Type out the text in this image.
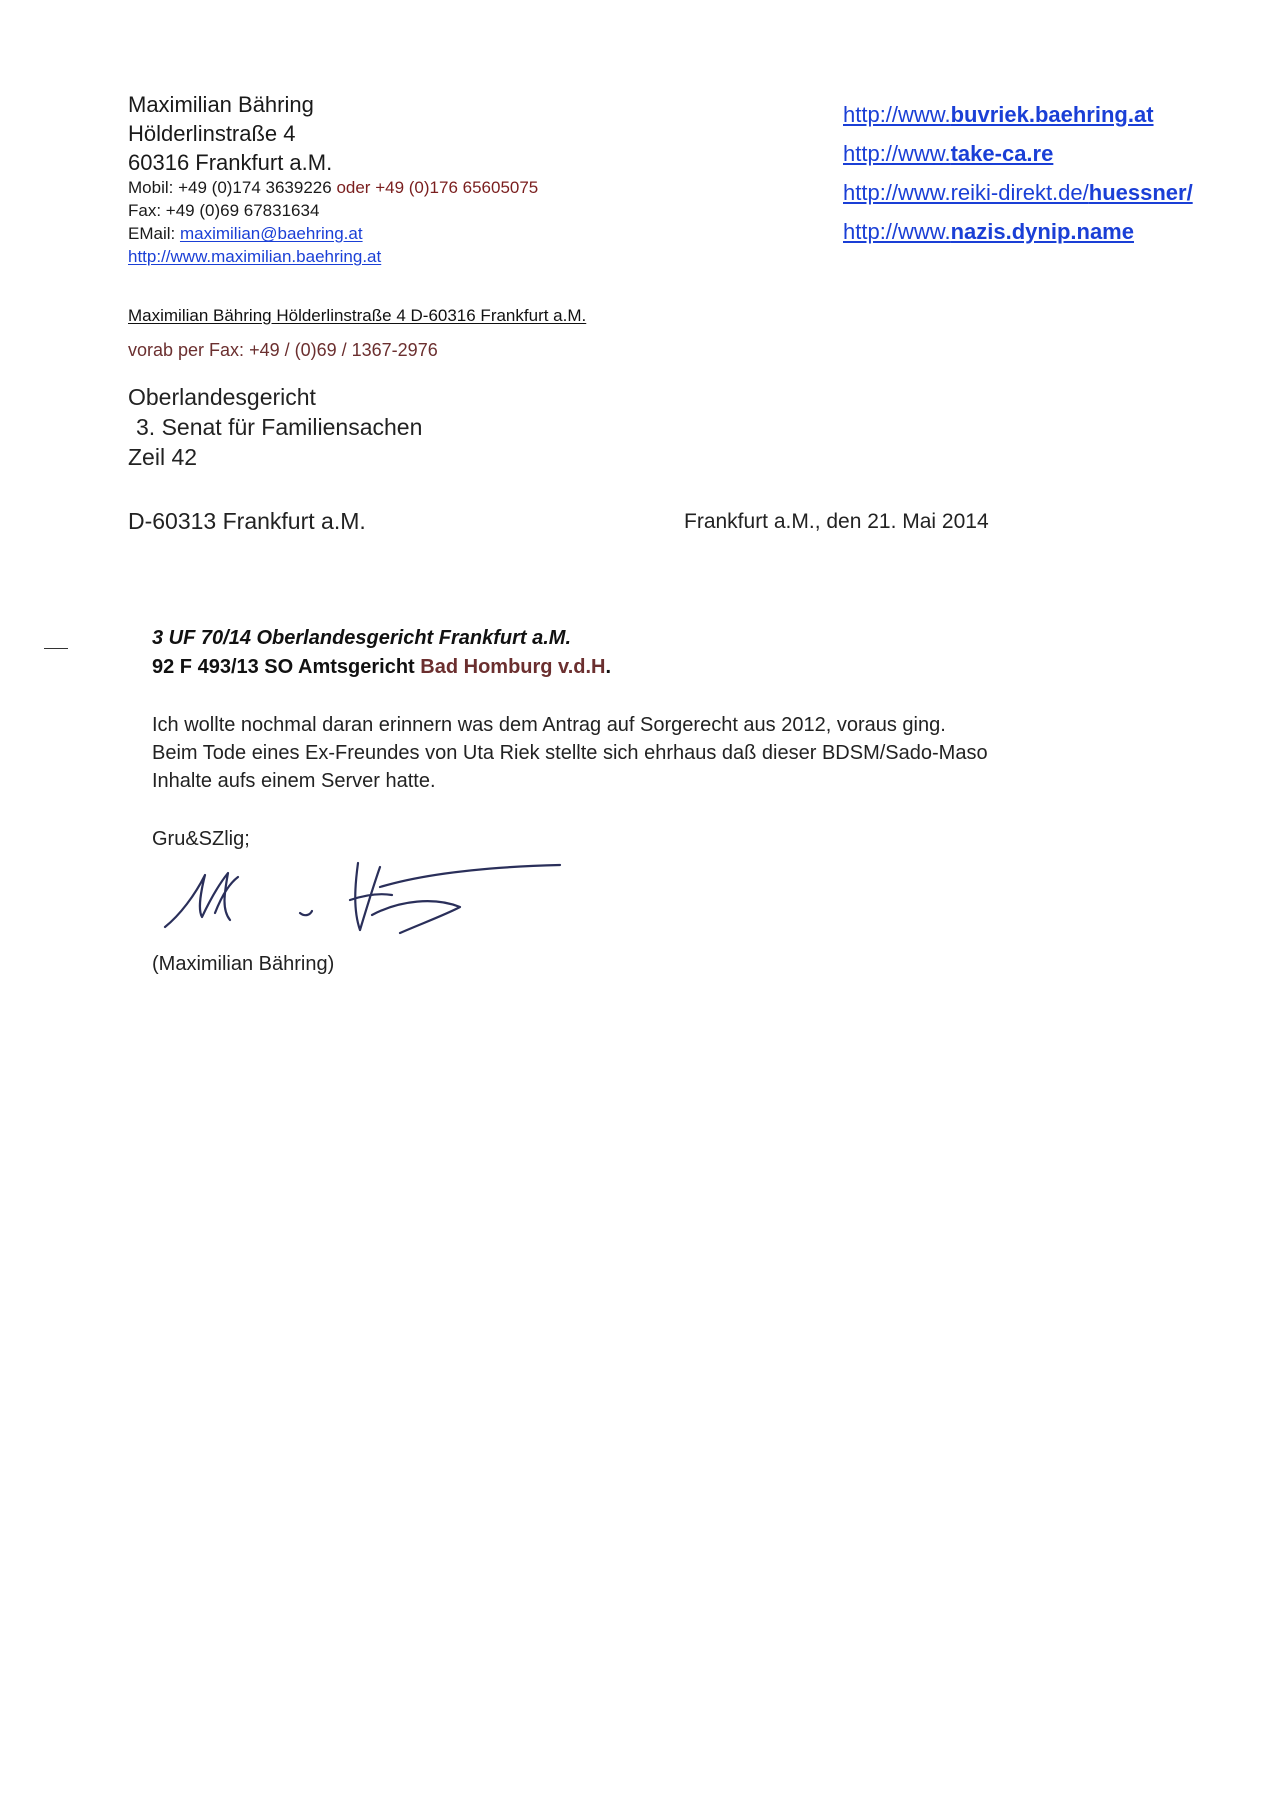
Maximilian Bähring
Hölderlinstraße 4
60316 Frankfurt a.M.
Mobil: +49 (0)174 3639226 oder +49 (0)176 65605075
Fax: +49 (0)69 67831634
EMail: maximilian@baehring.at
http://www.maximilian.baehring.at
http://www.buvriek.baehring.at
http://www.take-ca.re
http://www.reiki-direkt.de/huessner/
http://www.nazis.dynip.name
Maximilian Bähring Hölderlinstraße 4 D-60316 Frankfurt a.M.
vorab per Fax: +49 / (0)69 / 1367-2976
Oberlandesgericht
3. Senat für Familiensachen
Zeil 42
D-60313 Frankfurt a.M.	Frankfurt a.M., den 21. Mai 2014
3 UF 70/14 Oberlandesgericht Frankfurt a.M.
92 F 493/13 SO Amtsgericht Bad Homburg v.d.H.
Ich wollte nochmal daran erinnern was dem Antrag auf Sorgerecht aus 2012, voraus ging.
Beim Tode eines Ex-Freundes von Uta Riek stellte sich ehrhaus daß dieser BDSM/Sado-Maso
Inhalte aufs einem Server hatte.
Gru&SZlig;
(Maximilian Bähring)
